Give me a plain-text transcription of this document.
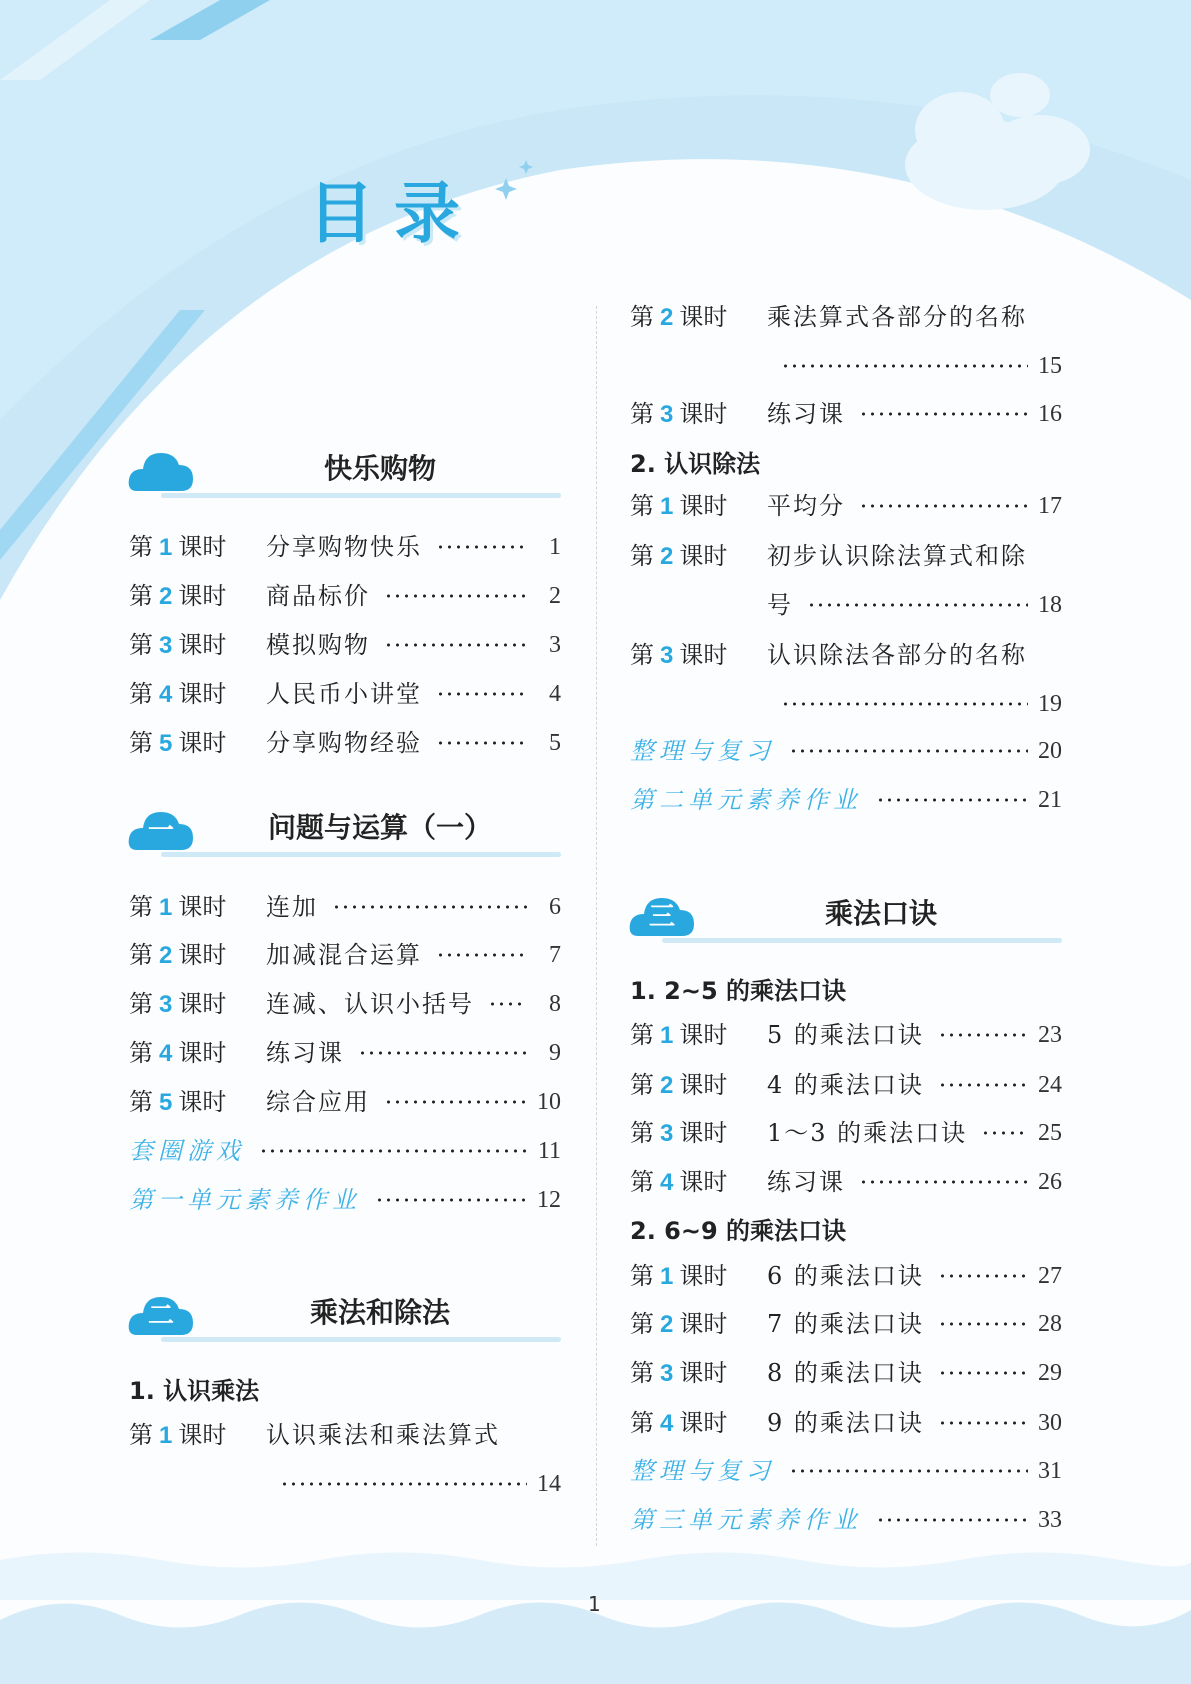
目录
快乐购物
第 1 课时	分享购物快乐	1
第 2 课时	商品标价	2
第 3 课时	模拟购物	3
第 4 课时	人民币小讲堂	4
第 5 课时	分享购物经验	5
一	问题与运算（一）
第 1 课时	连加	6
第 2 课时	加减混合运算	7
第 3 课时	连减、认识小括号	8
第 4 课时	练习课	9
第 5 课时	综合应用	10
套圈游戏	11
第一单元素养作业	12
二	乘法和除法
1. 认识乘法
第 1 课时	认识乘法和乘法算式
14
第 2 课时	乘法算式各部分的名称
15
第 3 课时	练习课	16
2. 认识除法
第 1 课时	平均分	17
第 2 课时	初步认识除法算式和除
号	18
第 3 课时	认识除法各部分的名称
19
整理与复习	20
第二单元素养作业	21
三	乘法口诀
1. 2~5 的乘法口诀
第 1 课时	5 的乘法口诀	23
第 2 课时	4 的乘法口诀	24
第 3 课时	1～3 的乘法口诀	25
第 4 课时	练习课	26
2. 6~9 的乘法口诀
第 1 课时	6 的乘法口诀	27
第 2 课时	7 的乘法口诀	28
第 3 课时	8 的乘法口诀	29
第 4 课时	9 的乘法口诀	30
整理与复习	31
第三单元素养作业	33
1
